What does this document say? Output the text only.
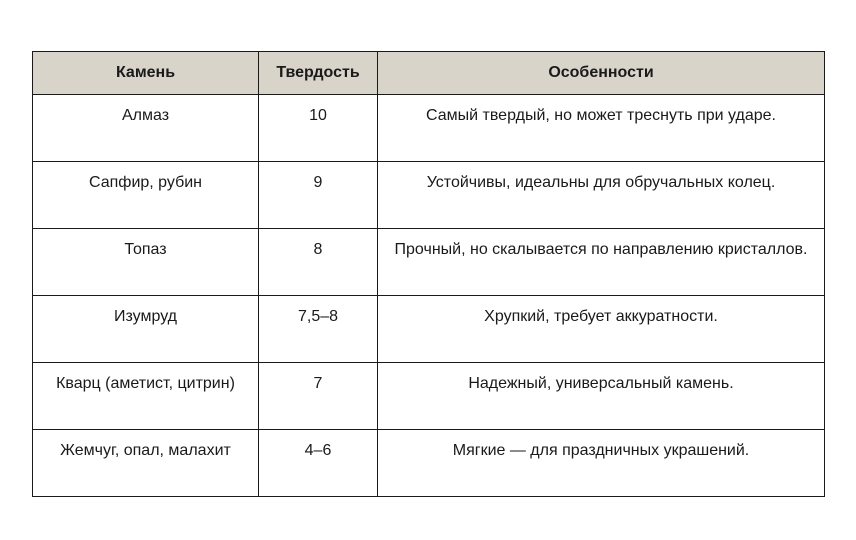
Камень	Твердость	Особенности
Алмаз	10	Самый твердый, но может треснуть при ударе.
Сапфир, рубин	9	Устойчивы, идеальны для обручальных колец.
Топаз	8	Прочный, но скалывается по направлению кристаллов.
Изумруд	7,5–8	Хрупкий, требует аккуратности.
Кварц (аметист, цитрин)	7	Надежный, универсальный камень.
Жемчуг, опал, малахит	4–6	Мягкие — для праздничных украшений.
